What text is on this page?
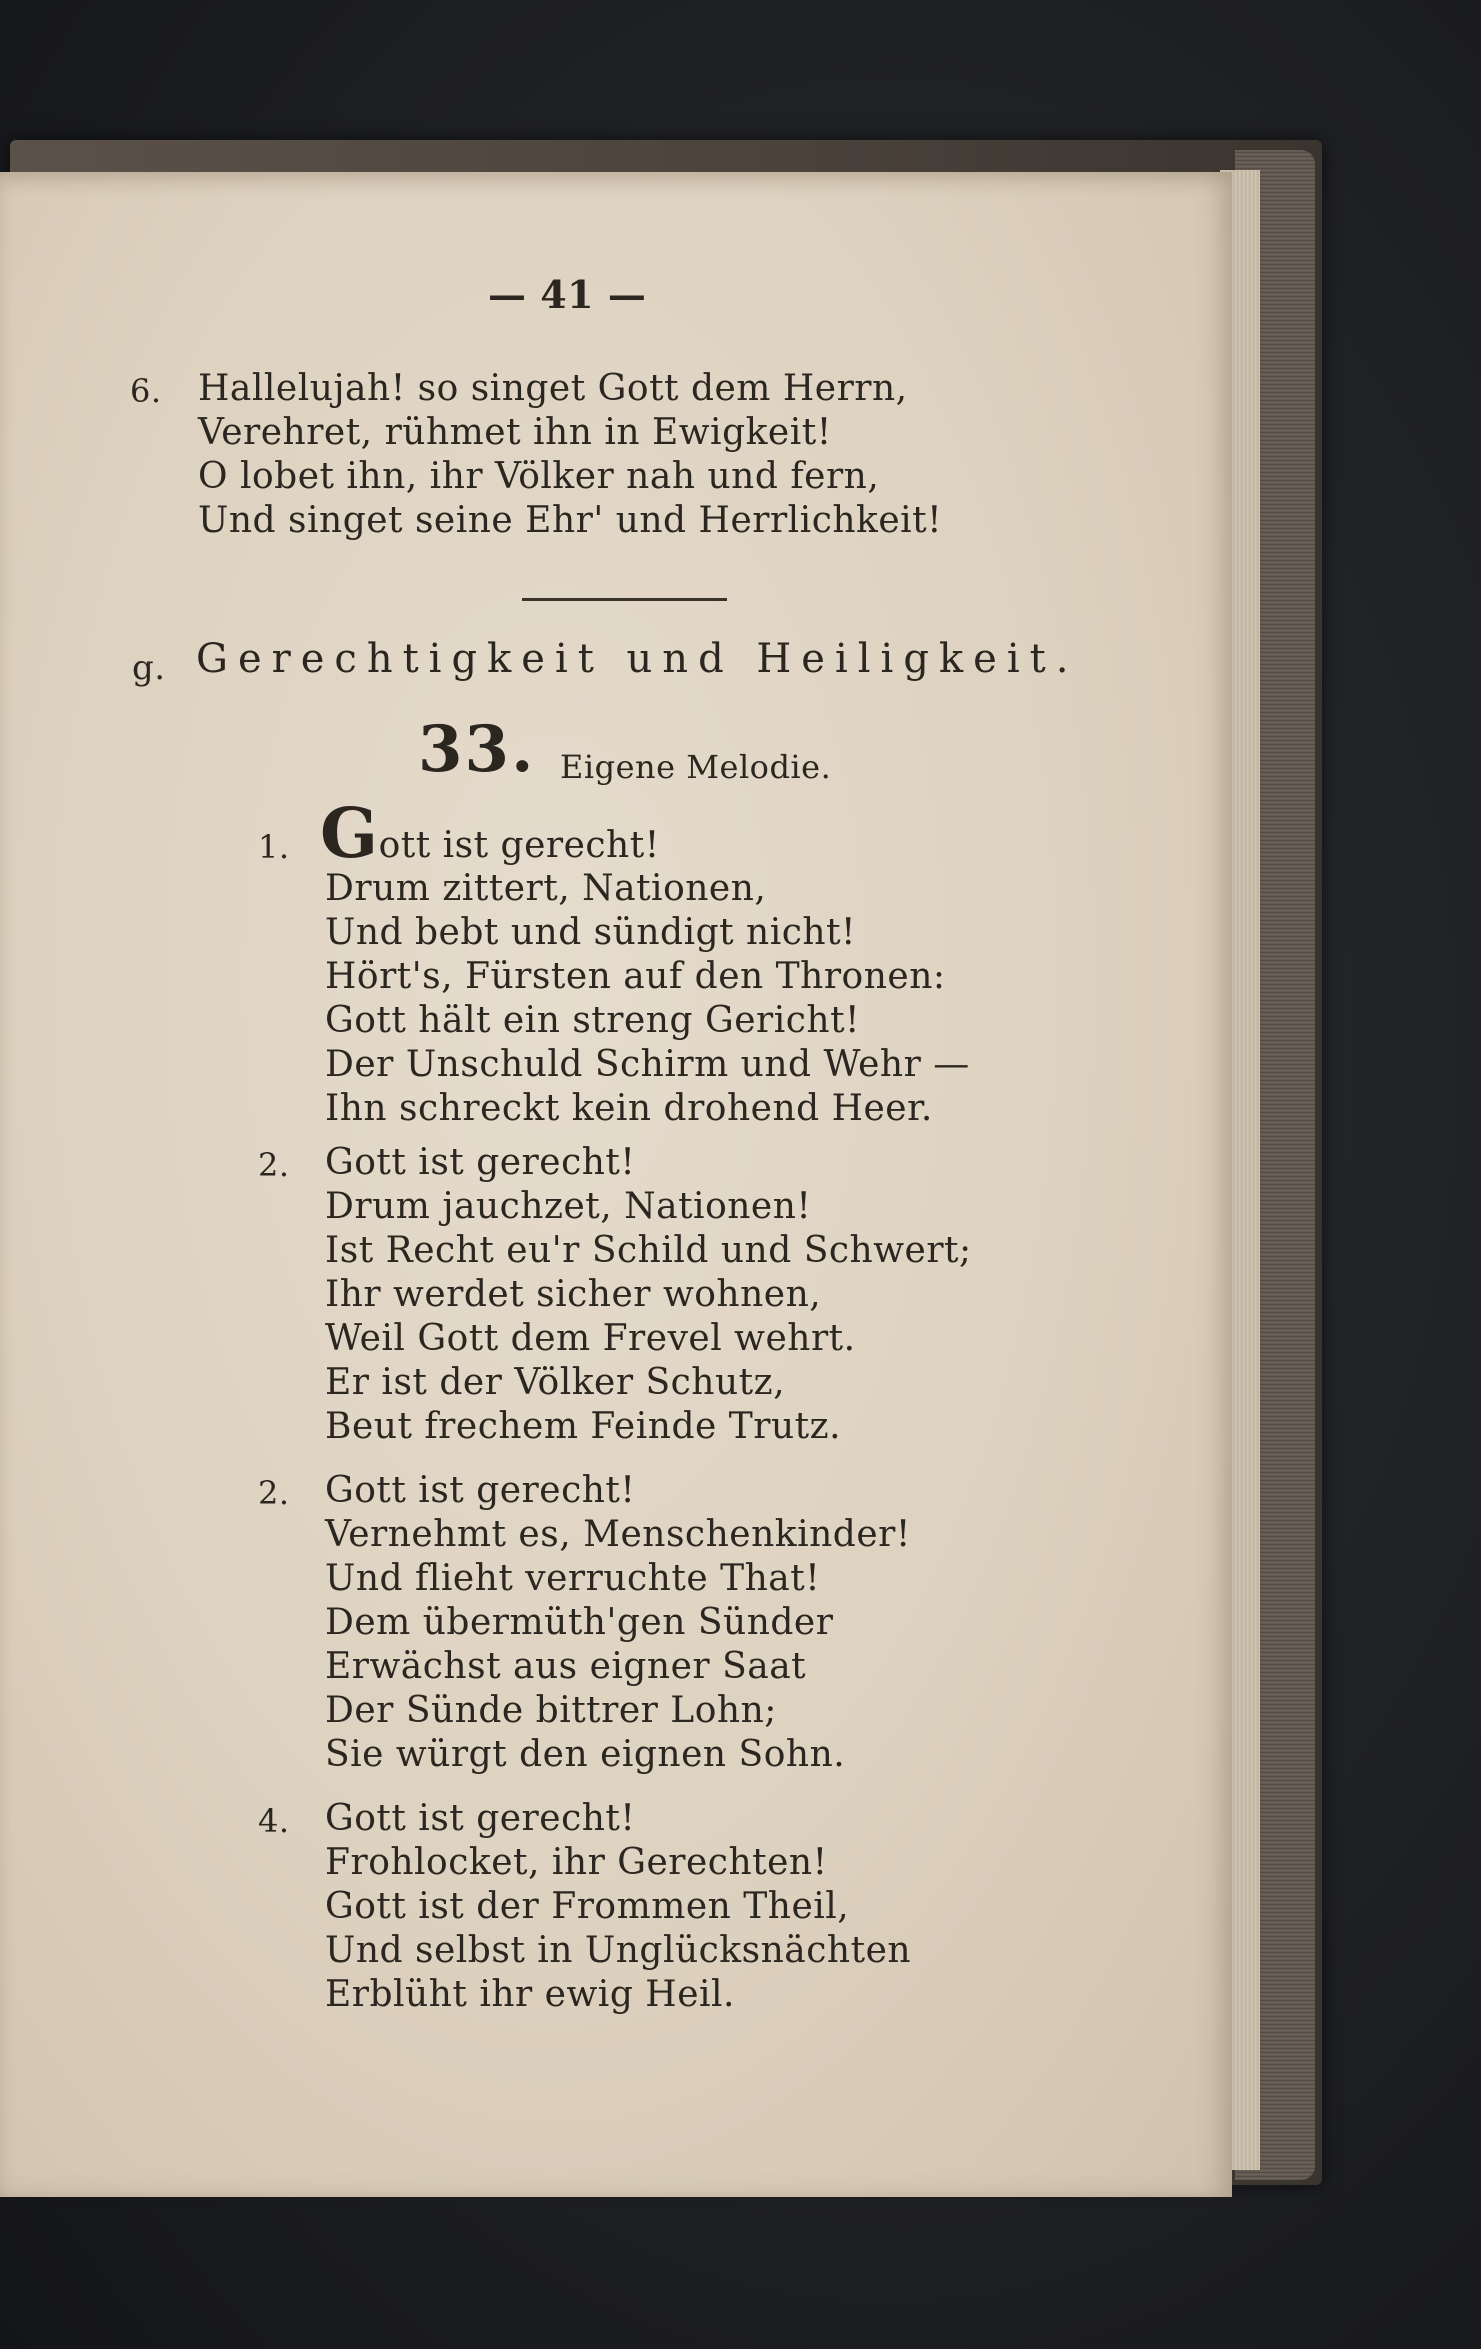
— 41 —
6. Hallelujah! so singet Gott dem Herrn,
Verehret, rühmet ihn in Ewigkeit!
O lobet ihn, ihr Völker nah und fern,
Und singet seine Ehr' und Herrlichkeit!
g. Gerechtigkeit und Heiligkeit.
33. Eigene Melodie.
1. Gott ist gerecht!
Drum zittert, Nationen,
Und bebt und sündigt nicht!
Hört's, Fürsten auf den Thronen:
Gott hält ein streng Gericht!
Der Unschuld Schirm und Wehr —
Ihn schreckt kein drohend Heer.
2. Gott ist gerecht!
Drum jauchzet, Nationen!
Ist Recht eu'r Schild und Schwert;
Ihr werdet sicher wohnen,
Weil Gott dem Frevel wehrt.
Er ist der Völker Schutz,
Beut frechem Feinde Trutz.
2. Gott ist gerecht!
Vernehmt es, Menschenkinder!
Und flieht verruchte That!
Dem übermüth'gen Sünder
Erwächst aus eigner Saat
Der Sünde bittrer Lohn;
Sie würgt den eignen Sohn.
4. Gott ist gerecht!
Frohlocket, ihr Gerechten!
Gott ist der Frommen Theil,
Und selbst in Unglücksnächten
Erblüht ihr ewig Heil.
